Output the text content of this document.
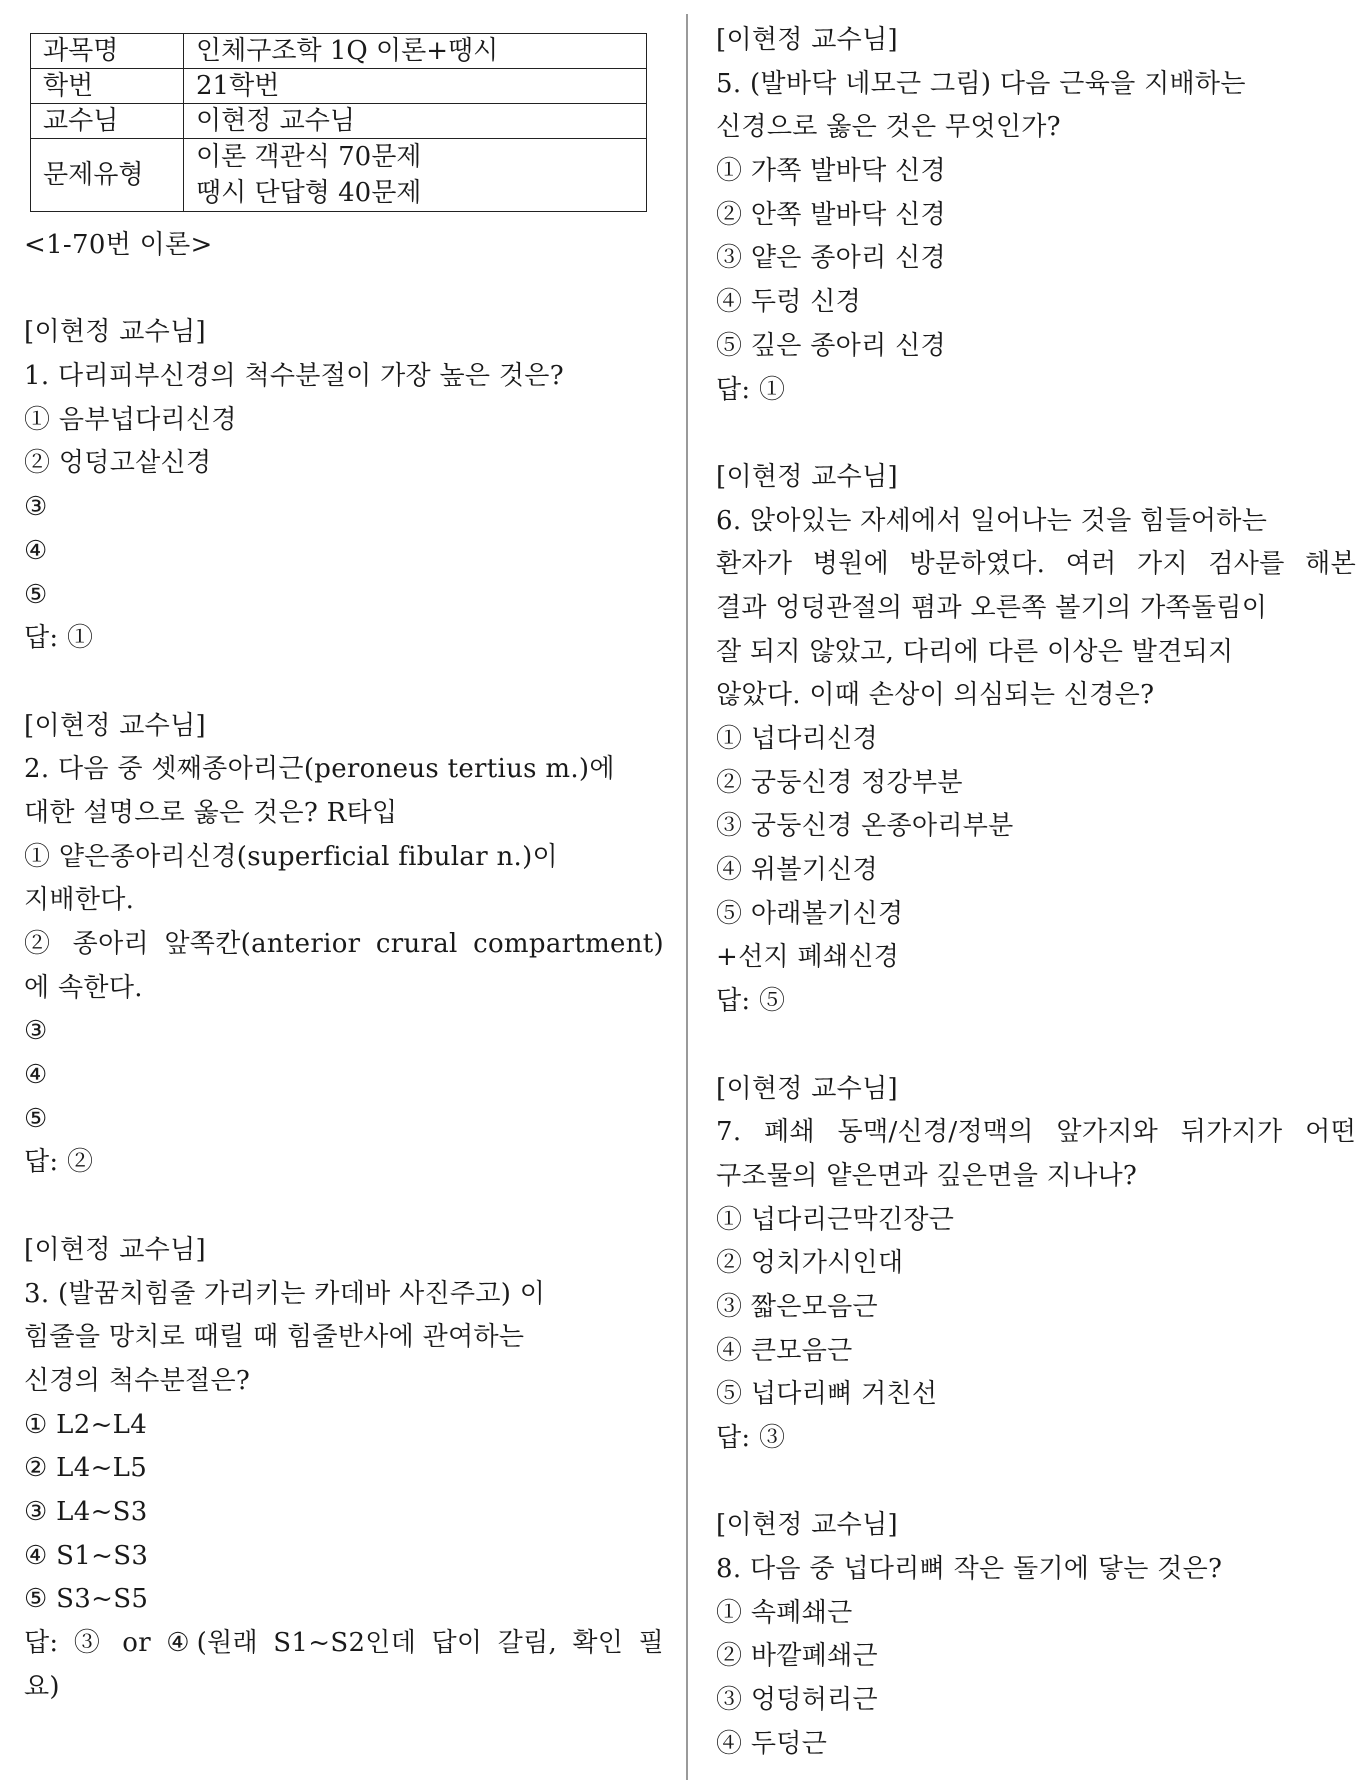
과목명	인체구조학 1Q 이론+땡시
학번	21학번
교수님	이현정 교수님
문제유형	이론 객관식 70문제
	땡시 단답형 40문제
<1-70번 이론>
[이현정 교수님]
1. 다리피부신경의 척수분절이 가장 높은 것은?
① 음부넙다리신경
② 엉덩고샅신경
③
④
⑤
답: ①
[이현정 교수님]
2. 다음 중 셋째종아리근(peroneus tertius m.)에
대한 설명으로 옳은 것은? R타입
① 얕은종아리신경(superficial fibular n.)이
지배한다.
② 종아리 앞쪽칸(anterior crural compartment)
에 속한다.
③
④
⑤
답: ②
[이현정 교수님]
3. (발꿈치힘줄 가리키는 카데바 사진주고) 이
힘줄을 망치로 때릴 때 힘줄반사에 관여하는
신경의 척수분절은?
① L2~L4
② L4~L5
③ L4~S3
④ S1~S3
⑤ S3~S5
답: ③ or ④(원래 S1~S2인데 답이 갈림, 확인 필
요)
[이현정 교수님]
5. (발바닥 네모근 그림) 다음 근육을 지배하는
신경으로 옳은 것은 무엇인가?
① 가쪽 발바닥 신경
② 안쪽 발바닥 신경
③ 얕은 종아리 신경
④ 두렁 신경
⑤ 깊은 종아리 신경
답: ①
[이현정 교수님]
6. 앉아있는 자세에서 일어나는 것을 힘들어하는
환자가 병원에 방문하였다. 여러 가지 검사를 해본
결과 엉덩관절의 폄과 오른쪽 볼기의 가쪽돌림이
잘 되지 않았고, 다리에 다른 이상은 발견되지
않았다. 이때 손상이 의심되는 신경은?
① 넙다리신경
② 궁둥신경 정강부분
③ 궁둥신경 온종아리부분
④ 위볼기신경
⑤ 아래볼기신경
+선지 폐쇄신경
답: ⑤
[이현정 교수님]
7. 폐쇄 동맥/신경/정맥의 앞가지와 뒤가지가 어떤
구조물의 얕은면과 깊은면을 지나나?
① 넙다리근막긴장근
② 엉치가시인대
③ 짧은모음근
④ 큰모음근
⑤ 넙다리뼈 거친선
답: ③
[이현정 교수님]
8. 다음 중 넙다리뼈 작은 돌기에 닿는 것은?
① 속폐쇄근
② 바깥폐쇄근
③ 엉덩허리근
④ 두덩근
